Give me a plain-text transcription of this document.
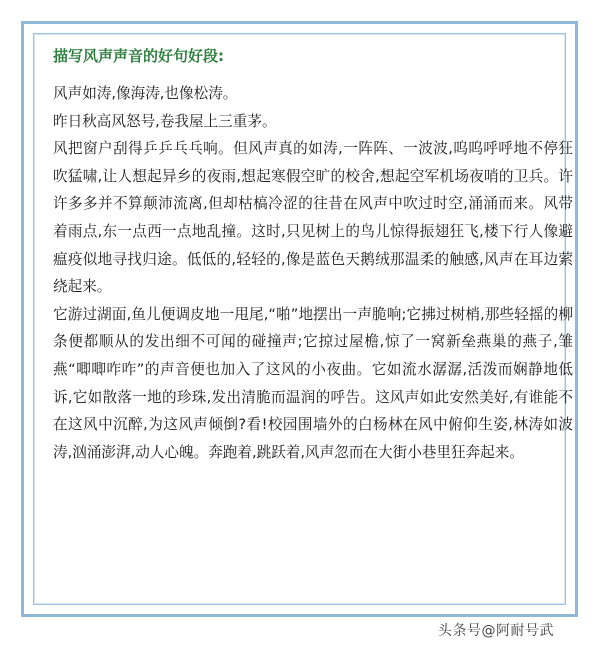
描写风声声音的好句好段:

风声如涛,像海涛,也像松涛。

昨日秋高风怒号,卷我屋上三重茅。

风把窗户刮得乒乒乓乓响。但风声真的如涛,一阵阵、一波波,呜呜呼呼地不停狂吹猛啸,让人想起异乡的夜雨,想起寒假空旷的校舍,想起空军机场夜哨的卫兵。许许多多并不算颠沛流离,但却枯槁冷涩的往昔在风声中吹过时空,涌涌而来。风带着雨点,东一点西一点地乱撞。这时,只见树上的鸟儿惊得振翅狂飞,楼下行人像避瘟疫似地寻找归途。低低的,轻轻的,像是蓝色天鹅绒那温柔的触感,风声在耳边萦绕起来。

它游过湖面,鱼儿便调皮地一甩尾,“啪”地摆出一声脆响;它拂过树梢,那些轻摇的柳条便都顺从的发出细不可闻的碰撞声;它掠过屋檐,惊了一窝新垒燕巢的燕子,雏燕“唧唧咋咋”的声音便也加入了这风的小夜曲。它如流水潺潺,活泼而娴静地低诉,它如散落一地的珍珠,发出清脆而温润的呼告。这风声如此安然美好,有谁能不在这风中沉醉,为这风声倾倒?看!校园围墙外的白杨林在风中俯仰生姿,林涛如波涛,汹涌澎湃,动人心魄。奔跑着,跳跃着,风声忽而在大街小巷里狂奔起来。

头条号@阿耐号武
